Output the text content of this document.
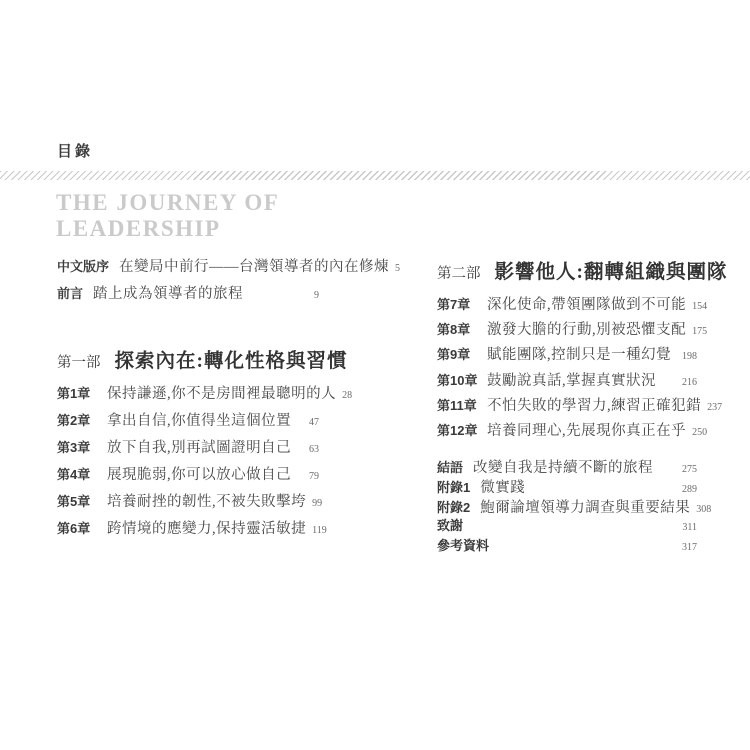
目錄
THE JOURNEY OF
LEADERSHIP
中文版序 在變局中前行——台灣領導者的內在修煉 5
前言 踏上成為領導者的旅程	9
第一部 探索內在:轉化性格與習慣
第1章	保持謙遜,你不是房間裡最聰明的人 28
第2章	拿出自信,你值得坐這個位置	47
第3章	放下自我,別再試圖證明自己	63
第4章	展現脆弱,你可以放心做自己	79
第5章	培養耐挫的韌性,不被失敗擊垮 99
第6章	跨情境的應變力,保持靈活敏捷 119
第二部 影響他人:翻轉組織與團隊
第7章	深化使命,帶領團隊做到不可能 154
第8章	激發大膽的行動,別被恐懼支配 175
第9章	賦能團隊,控制只是一種幻覺	198
第10章 鼓勵說真話,掌握真實狀況	216
第11章 不怕失敗的學習力,練習正確犯錯 237
第12章 培養同理心,先展現你真正在乎 250
結語 改變自我是持續不斷的旅程	275
附錄1 微實踐	289
附錄2 鮑爾論壇領導力調查與重要結果 308
致謝	311
參考資料	317
